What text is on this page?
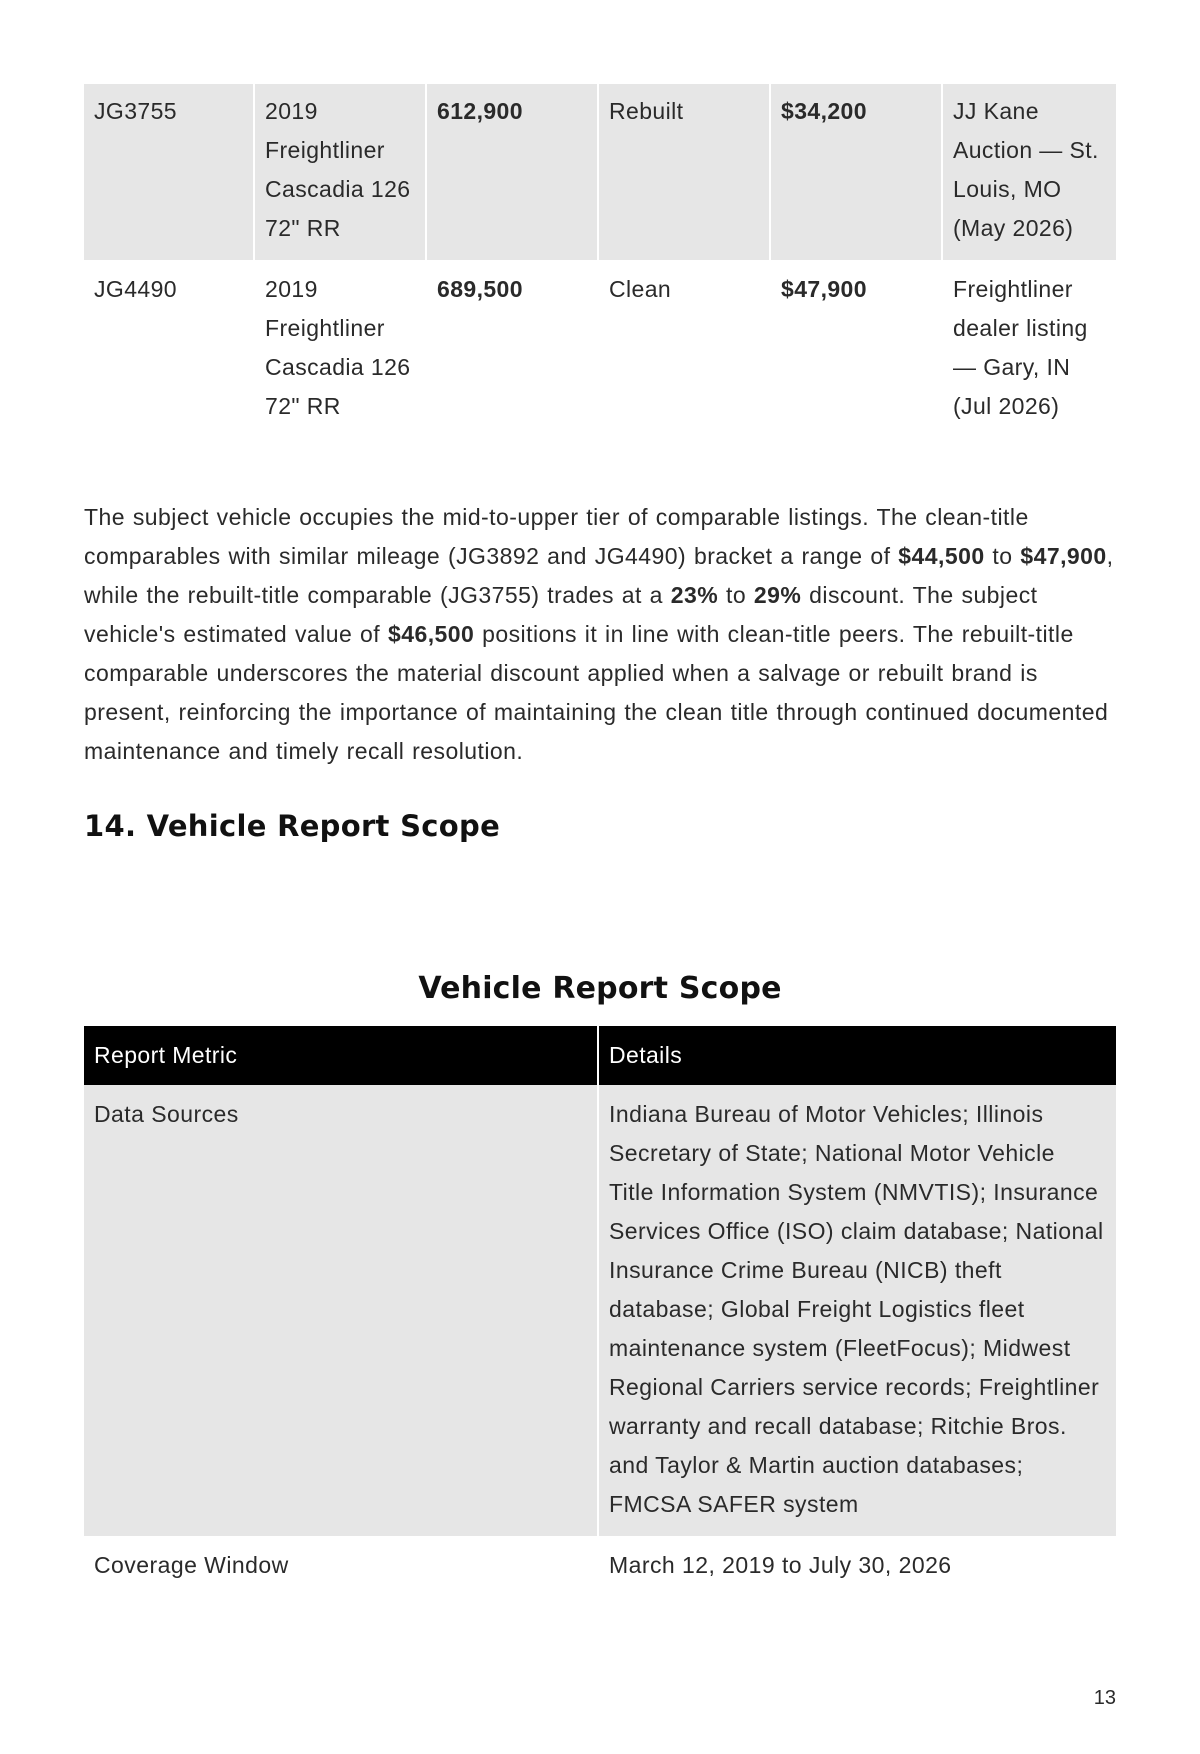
JG3755	2019 Freightliner Cascadia 126 72" RR	612,900	Rebuilt	$34,200	JJ Kane Auction — St. Louis, MO (May 2026)
JG4490	2019 Freightliner Cascadia 126 72" RR	689,500	Clean	$47,900	Freightliner dealer listing — Gary, IN (Jul 2026)

The subject vehicle occupies the mid-to-upper tier of comparable listings. The clean-title comparables with similar mileage (JG3892 and JG4490) bracket a range of $44,500 to $47,900, while the rebuilt-title comparable (JG3755) trades at a 23% to 29% discount. The subject vehicle's estimated value of $46,500 positions it in line with clean-title peers. The rebuilt-title comparable underscores the material discount applied when a salvage or rebuilt brand is present, reinforcing the importance of maintaining the clean title through continued documented maintenance and timely recall resolution.

14. Vehicle Report Scope
Vehicle Report Scope
Report Metric	Details
Data Sources	Indiana Bureau of Motor Vehicles; Illinois Secretary of State; National Motor Vehicle Title Information System (NMVTIS); Insurance Services Office (ISO) claim database; National Insurance Crime Bureau (NICB) theft database; Global Freight Logistics fleet maintenance system (FleetFocus); Midwest Regional Carriers service records; Freightliner warranty and recall database; Ritchie Bros. and Taylor & Martin auction databases; FMCSA SAFER system
Coverage Window	March 12, 2019 to July 30, 2026
13
